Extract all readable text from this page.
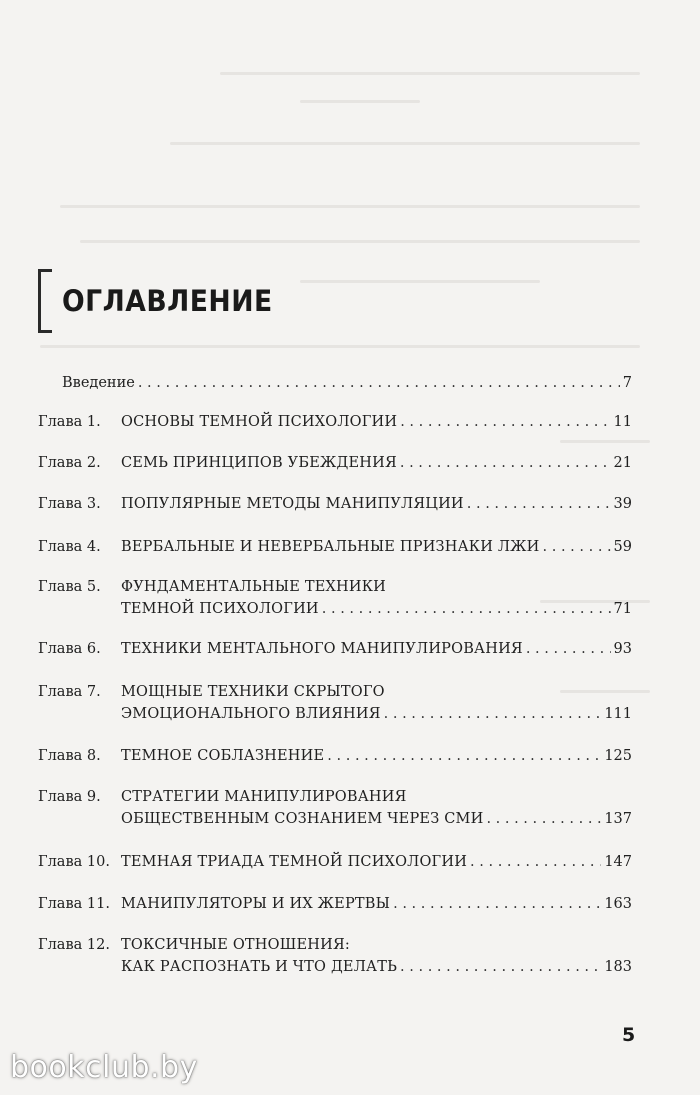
ОГЛАВЛЕНИЕ
Введение . . .	7
Глава 1. ОСНОВЫ ТЕМНОЙ ПСИХОЛОГИИ . . .	11
Глава 2. СЕМЬ ПРИНЦИПОВ УБЕЖДЕНИЯ . . .	21
Глава 3. ПОПУЛЯРНЫЕ МЕТОДЫ МАНИПУЛЯЦИИ . . .	39
Глава 4. ВЕРБАЛЬНЫЕ И НЕВЕРБАЛЬНЫЕ ПРИЗНАКИ ЛЖИ . . .	59
Глава 5. ФУНДАМЕНТАЛЬНЫЕ ТЕХНИКИ
ТЕМНОЙ ПСИХОЛОГИИ . . .	71
Глава 6. ТЕХНИКИ МЕНТАЛЬНОГО МАНИПУЛИРОВАНИЯ . . .	93
Глава 7. МОЩНЫЕ ТЕХНИКИ СКРЫТОГО
ЭМОЦИОНАЛЬНОГО ВЛИЯНИЯ . . .	111
Глава 8. ТЕМНОЕ СОБЛАЗНЕНИЕ . . .	125
Глава 9. СТРАТЕГИИ МАНИПУЛИРОВАНИЯ
ОБЩЕСТВЕННЫМ СОЗНАНИЕМ ЧЕРЕЗ СМИ . . .	137
Глава 10. ТЕМНАЯ ТРИАДА ТЕМНОЙ ПСИХОЛОГИИ . . .	147
Глава 11. МАНИПУЛЯТОРЫ И ИХ ЖЕРТВЫ . . .	163
Глава 12. ТОКСИЧНЫЕ ОТНОШЕНИЯ:
КАК РАСПОЗНАТЬ И ЧТО ДЕЛАТЬ . . .	183
5
bookclub.by
